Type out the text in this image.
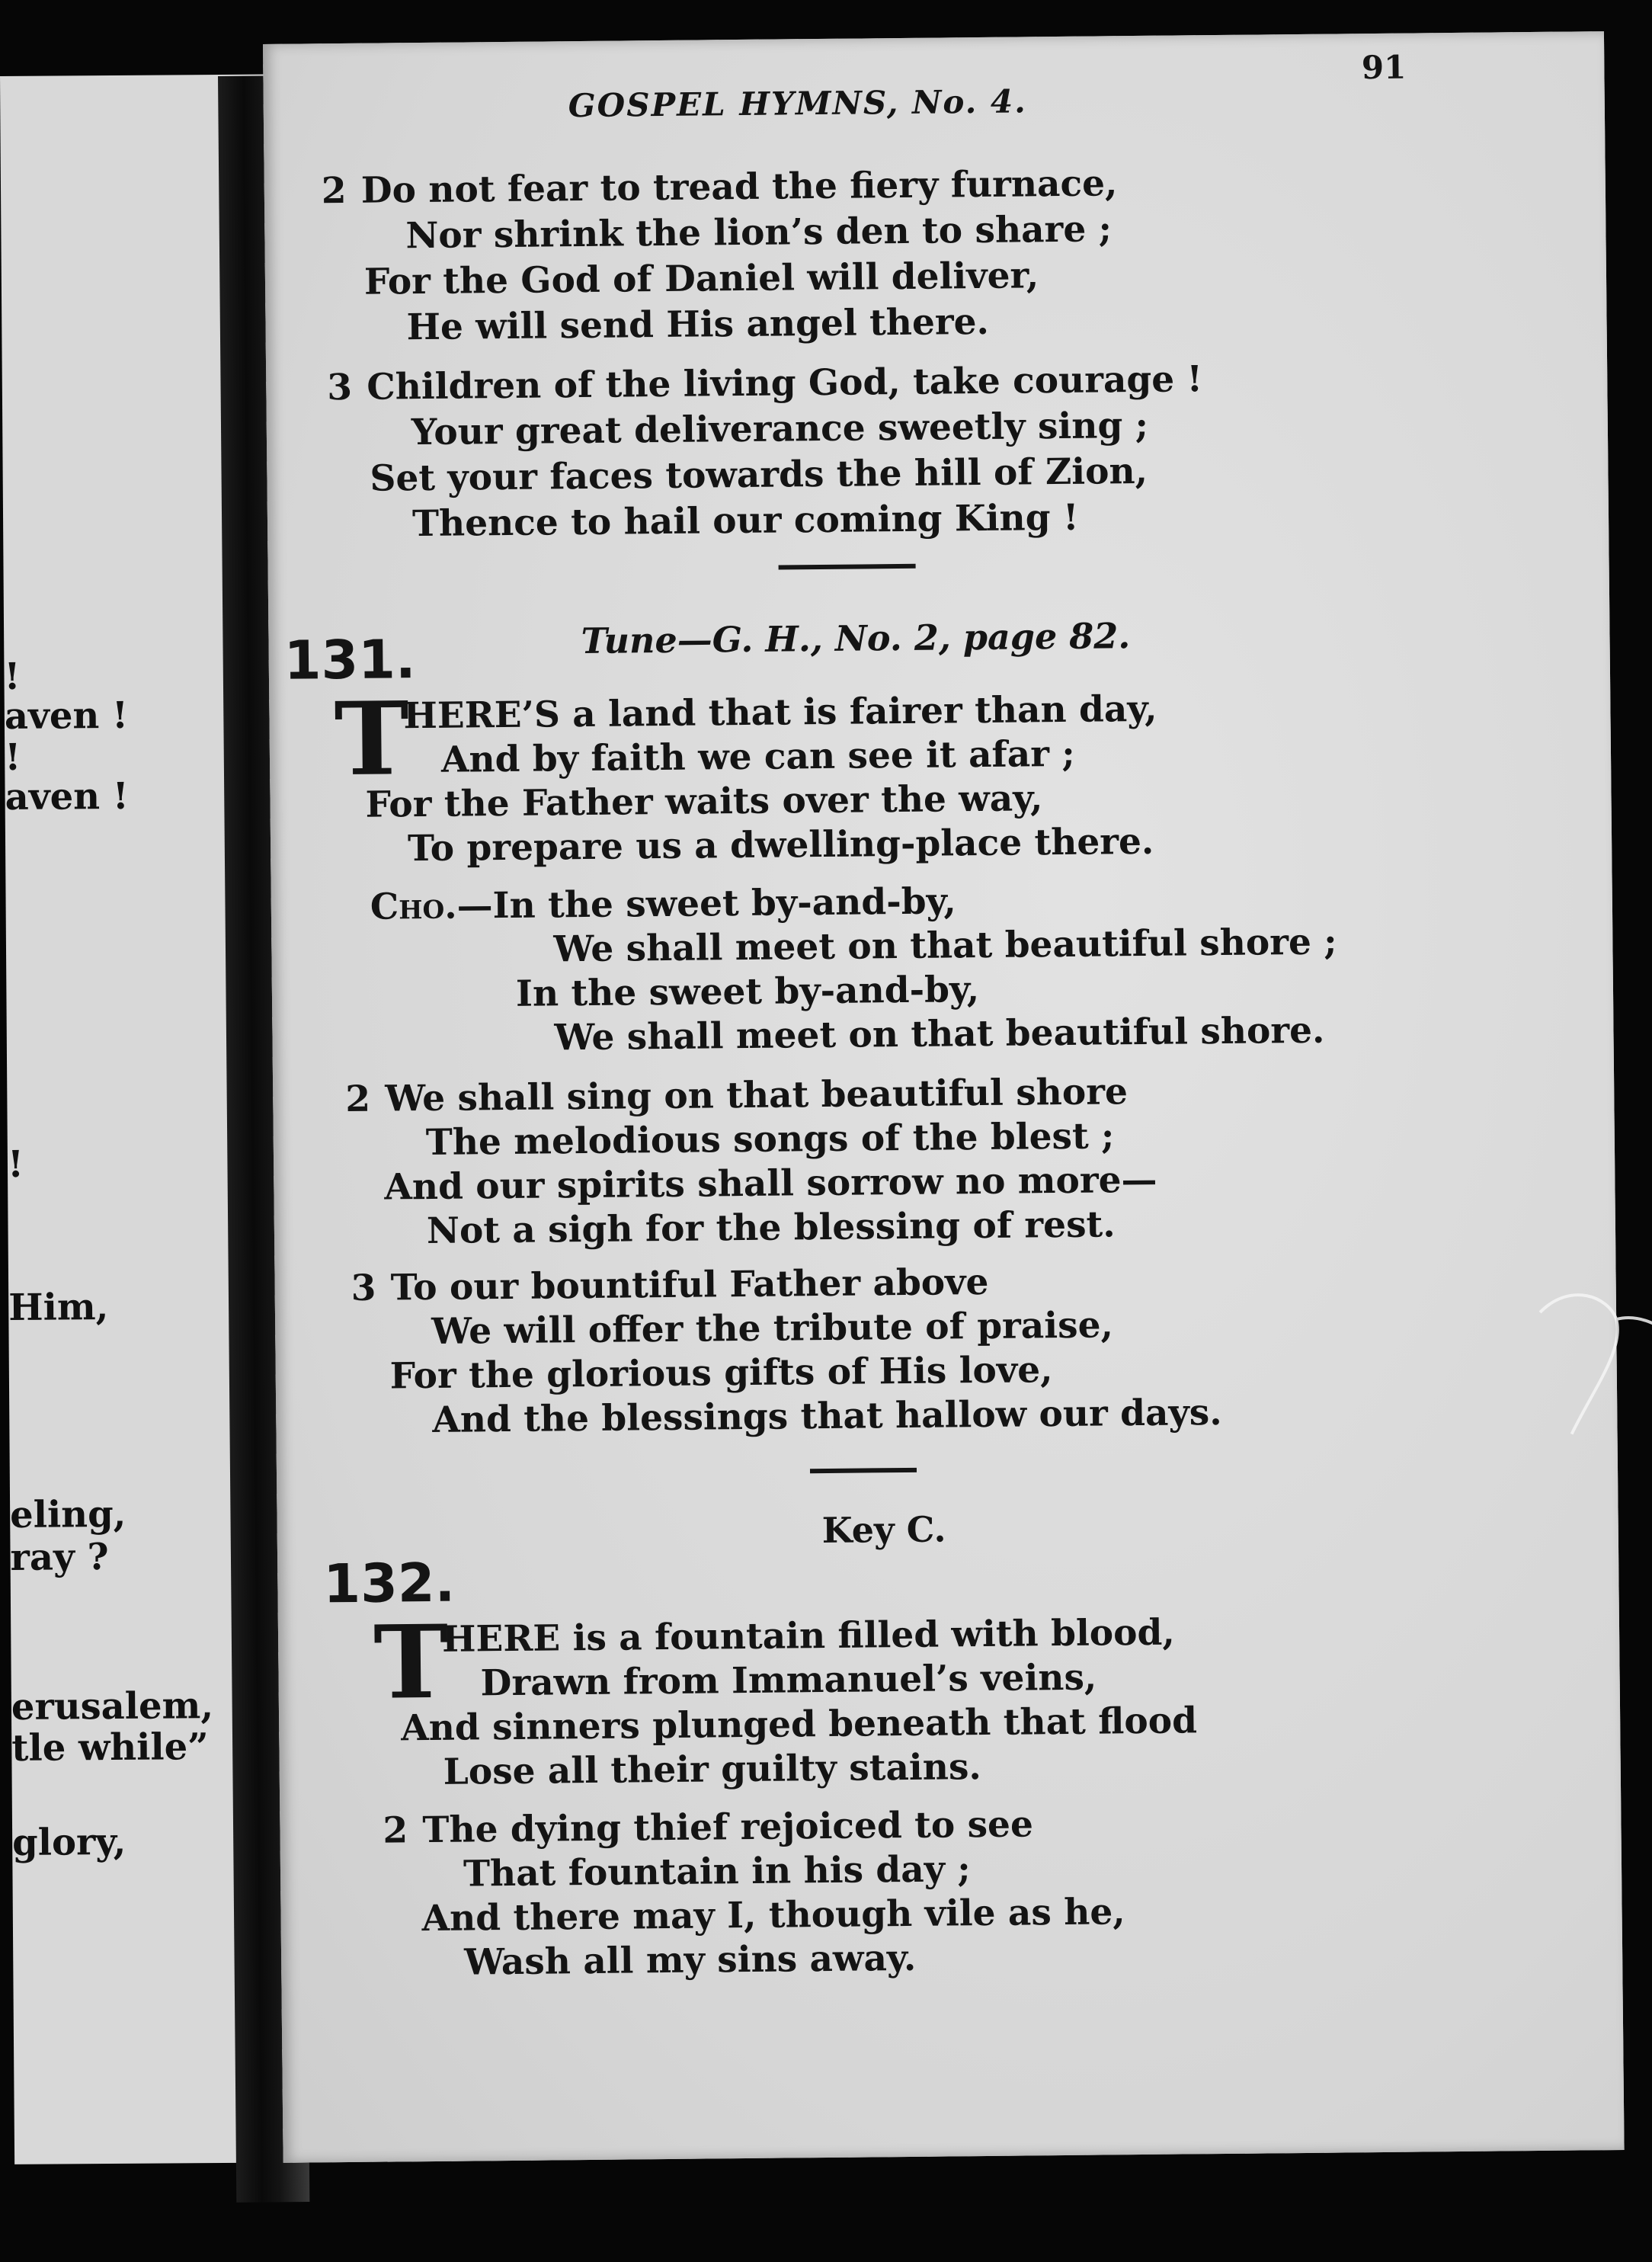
!
aven !
!
aven !
!
Him,
eling,
ray ?
erusalem,
tle while”
glory,
GOSPEL HYMNS, No. 4.
91
2 Do not fear to tread the fiery furnace,
Nor shrink the lion’s den to share ;
For the God of Daniel will deliver,
He will send His angel there.
3 Children of the living God, take courage !
Your great deliverance sweetly sing ;
Set your faces towards the hill of Zion,
Thence to hail our coming King !
131.	Tune—G. H., No. 2, page 82.
T
HERE’S a land that is fairer than day,
And by faith we can see it afar ;
For the Father waits over the way,
To prepare us a dwelling-place there.
Cho.—In the sweet by-and-by,
We shall meet on that beautiful shore ;
In the sweet by-and-by,
We shall meet on that beautiful shore.
2 We shall sing on that beautiful shore
The melodious songs of the blest ;
And our spirits shall sorrow no more—
Not a sigh for the blessing of rest.
3 To our bountiful Father above
We will offer the tribute of praise,
For the glorious gifts of His love,
And the blessings that hallow our days.
Key C.
132.
T
HERE is a fountain filled with blood,
Drawn from Immanuel’s veins,
And sinners plunged beneath that flood
Lose all their guilty stains.
2 The dying thief rejoiced to see
That fountain in his day ;
And there may I, though vile as he,
Wash all my sins away.
